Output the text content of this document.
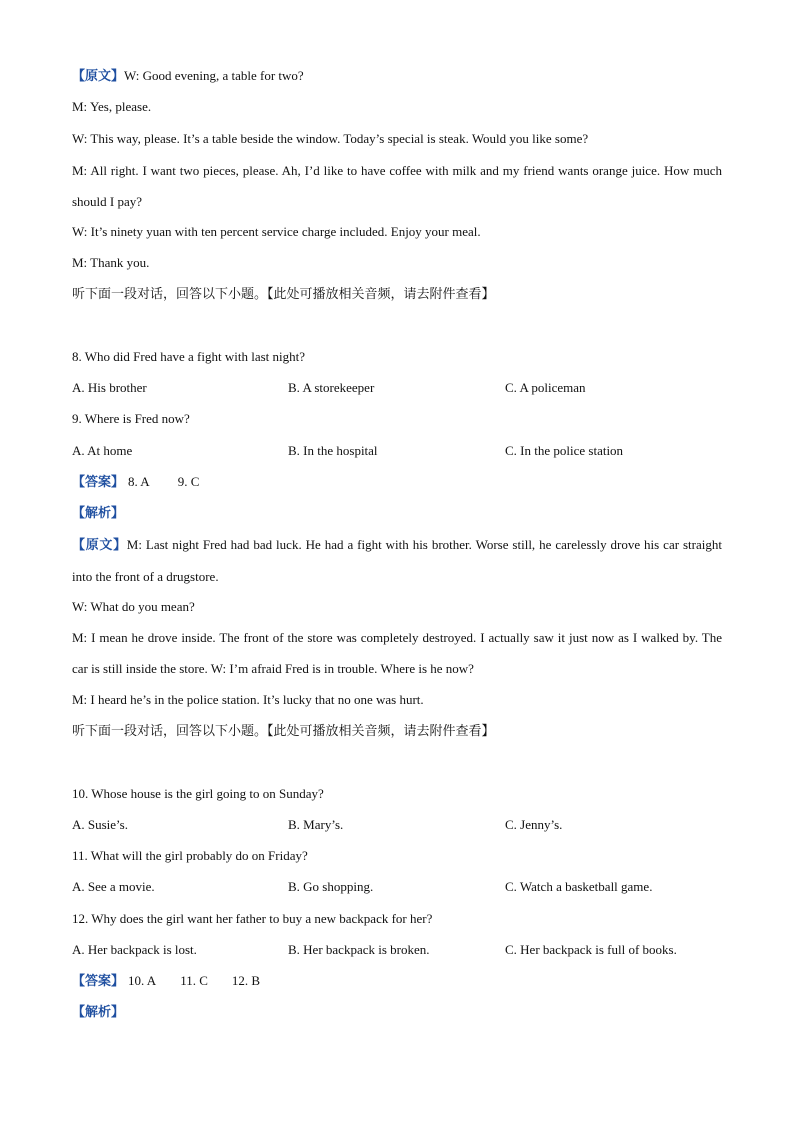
【原文】W: Good evening, a table for two?
M: Yes, please.
W: This way, please. It’s a table beside the window. Today’s special is steak. Would you like some?
M: All right. I want two pieces, please. Ah, I’d like to have coffee with milk and my friend wants orange juice. How much should I pay?
W: It’s ninety yuan with ten percent service charge included. Enjoy your meal.
M: Thank you.
听下面一段对话，回答以下小题。【此处可播放相关音频，请去附件查看】
8. Who did Fred have a fight with last night?
A. His brother	B. A storekeeper	C. A policeman
9. Where is Fred now?
A. At home	B. In the hospital	C. In the police station
【答案】 8. A 9. C
【解析】
【原文】M: Last night Fred had bad luck. He had a fight with his brother. Worse still, he carelessly drove his car straight into the front of a drugstore.
W: What do you mean?
M: I mean he drove inside. The front of the store was completely destroyed. I actually saw it just now as I walked by. The car is still inside the store. W: I’m afraid Fred is in trouble. Where is he now?
M: I heard he’s in the police station. It’s lucky that no one was hurt.
听下面一段对话，回答以下小题。【此处可播放相关音频，请去附件查看】
10. Whose house is the girl going to on Sunday?
A. Susie’s.	B. Mary’s.	C. Jenny’s.
11. What will the girl probably do on Friday?
A. See a movie.	B. Go shopping.	C. Watch a basketball game.
12. Why does the girl want her father to buy a new backpack for her?
A. Her backpack is lost.	B. Her backpack is broken.	C. Her backpack is full of books.
【答案】 10. A 11. C 12. B
【解析】
